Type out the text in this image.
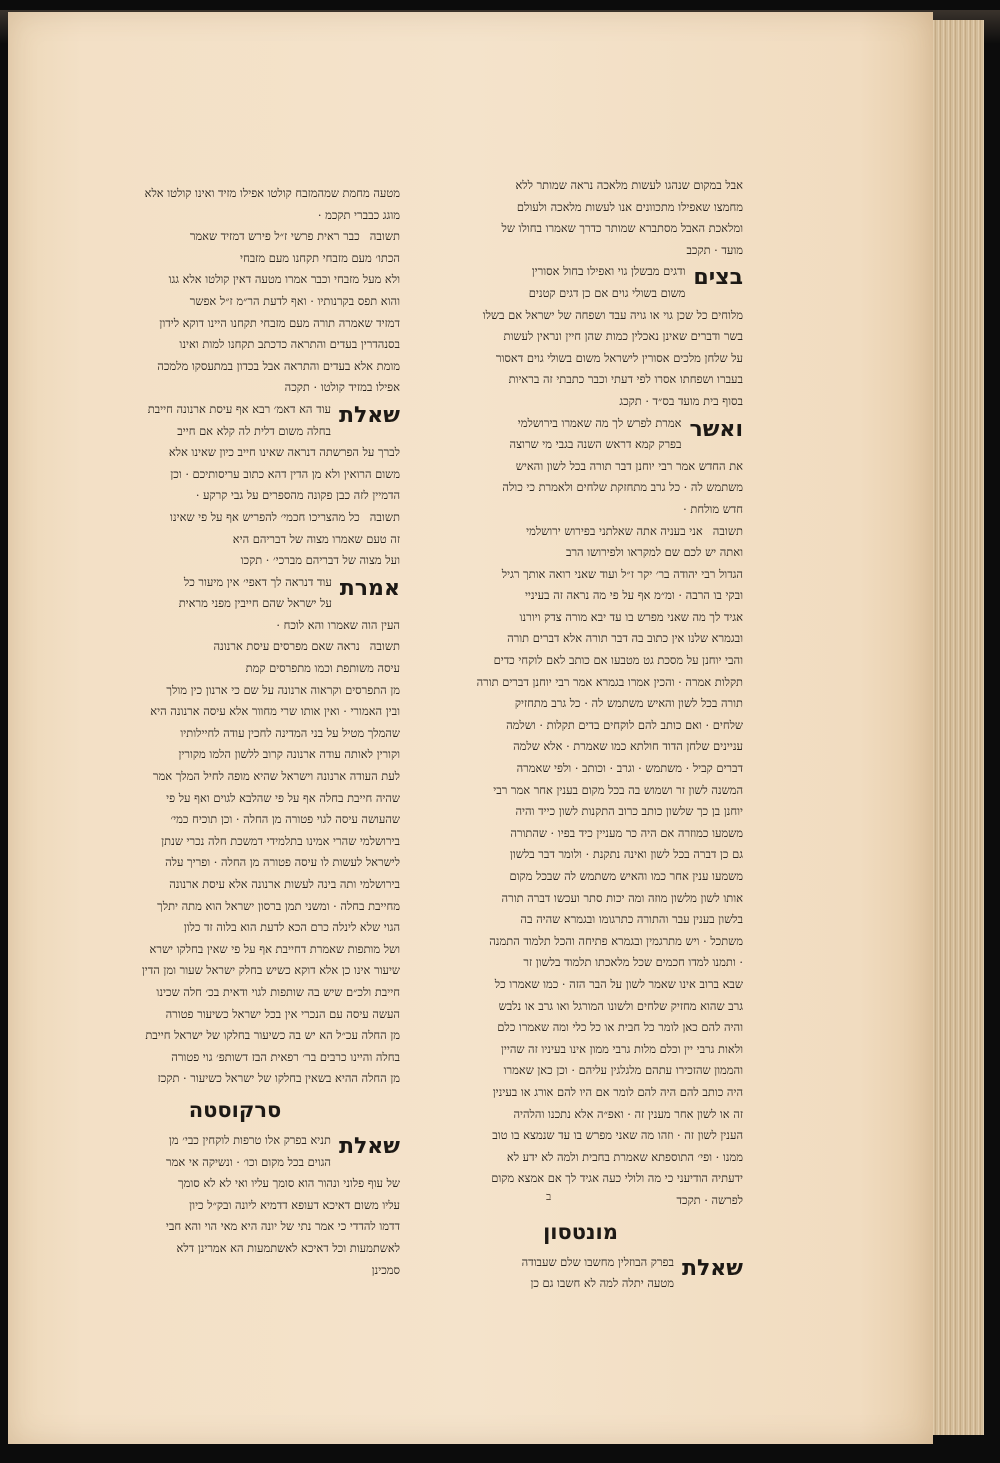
אבל במקום שנהגו לעשות מלאכה נראה שמותר ללא
מחמצו שאפילו מתכוונים אנו לעשות מלאכה ולעולם
ומלאכת האבל מסתברא שמותר כדרך שאמרו בחולו של
מועד · תקכב
בצים
ודגים מבשלן גוי ואפילו בחול אסורין
משום בשולי גוים אם כן דגים קטנים
מלוחים כל שכן גוי או גויה עבד ושפחה של ישראל אם בשלו
בשר ודברים שאינן נאכלין כמות שהן חיין ונראין לעשות
על שלחן מלכים אסורין לישראל משום בשולי גוים דאסור
בעברו ושפחתו אסרו לפי דעתי וכבר כתבתי זה בראיות
בסוף בית מועד בס״ד · תקכג
ואשר
אמרת לפרש לך מה שאמרו בירושלמי
בפרק קמא דראש השנה בגבי מי שרוצה
את החדש אמר רבי יוחנן דבר תורה בכל לשון והאיש
משתמש לה · כל גרב מתחזקת שלחים ולאמרת כי כולה
חדש מולחת ·
תשובה
אני בעניה אתה שאלתני בפירוש ירושלמי
ואתה יש לכם שם למקראו ולפירושו הרב
הגדול רבי יהודה בר׳ יקר ז״ל ועוד שאני רואה אותך רגיל
ובקי בו הרבה · ומ״מ אף על פי מה נראה זה בעיניי
אגיד לך מה שאני מפרש בו עד יבא מורה צדק ויורנו
ובגמרא שלנו אין כתוב בה דבר תורה אלא דברים תורה
והבי יוחנן על מסכת גט מטבעו אם כותב לאם לוקחי כדים
תקלות אמרה · והכין אמרו בגמרא אמר רבי יוחנן דברים תורה
תורה בכל לשון והאיש משתמש לה · כל גרב מתחזיק
שלחים · ואם כותב להם לוקחים בדים תקלות · ושלמה
עניינים שלחן הדוד חולתא כמו שאמרת · אלא שלמה
דברים קביל · משתמש · וגרב · וכותב · ולפי שאמרה
המשנה לשון זר ושמוש בה בכל מקום בענין אחר אמר רבי
יוחנן בן כך שלשון כותב כרוב התקנות לשון כייד והיה
משמעו כמוזרה אם היה כר מעניין כיד בפיו · שהתורה
גם כן דברה בכל לשון ואינה נתקנת · ולומר דבר בלשון
משמעו ענין אחר כמו והאיש משתמש לה שבכל מקום
אותו לשון מלשון מוזה ומה יכות סתר ועכשו דברה תורה
בלשון בענין עבר והתורה כתרגומו ובגמרא שהיה בה
משתכל · ויש מתרגמין ובגמרא פתיחה והכל תלמוד התמנה
· ותמנו למדו חכמים שכל מלאכתו תלמוד בלשון זר
שבא ברוב אינו שאמר לשון על הבר הזה · כמו שאמרו כל
גרב שהוא מחזיק שלחים ולשונו המורגל ואו גרב או נלבש
והיה להם כאן לומר כל חבית או כל כלי ומה שאמרו כלם
ולאות גרבי יין וכלם מלות גרבי ממון אינו בעיניו זה שהיין
והממון שהזכירו עתהם מלגלגין עליהם · וכן כאן שאמרו
היה כותב להם היה להם לומר אם היו להם אורג או בעינין
זה או לשון אחר מענין זה · ואפ״ה אלא נתכנו והלהיה
הענין לשון זה · וזהו מה שאני מפרש בו עד שנמצא בו טוב
ממנו · ופי׳ התוספתא שאמרת בחבית ולמה לא ידע לא
ידעתיה הודיעני כי מה ולולי כעה אגיד לך אם אמצא מקום
לפרשה · תקכד
מונטסון
שאלת
בפרק הבוזלין מחשבו שלם שעבודה
מטעה יתלה למה לא חשבו גם כן
מטעה מחמת שמהמזבח קולטו אפילו מזיד ואינו קולטו אלא
מוגג כבברי תקכמ ·
תשובה
כבר ראית פרשי ז״ל פירש דמזיד שאמר
הכתו׳ מעם מזבחי תקחנו מעם מזבחי
ולא מעל מזבחי וכבר אמרו מטעה דאין קולטו אלא גגו
והוא תפס בקרנותיו · ואף לדעת הר״מ ז״ל אפשר
דמזיד שאמרה תורה מעם מזבחי תקחנו היינו דוקא לידון
בסנהדרין בעדים והתראה כדכתב תקחנו למות ואינו
מומת אלא בעדים והתראה אבל בכדון במתעסקו מלמכה
אפילו במזיד קולטו · תקכה
שאלת
עוד הא דאמ׳ רבא אף עיסת ארנונה חייבת
בחלה משום דלית לה קלא אם חייב
לברך על הפרשתה דנראה שאינו חייב כיון שאינו אלא
משום הרואין ולא מן הדין דהא כתוב עריסותיכם · וכן
הדמיין לזה כבן פקונה מהספרים על גבי קרקע ·
תשובה
כל מהצריכו חכמי׳ להפריש אף על פי שאינו
זה טעם שאמרו מצוה של דבריהם היא
ועל מצוה של דבריהם מברכי׳ · תקכו
אמרת
עוד דנראה לך דאפי׳ אין מיעור כל
על ישראל שהם חייבין מפני מראית
העין הוה שאמרו והא לוכח ·
תשובה
נראה שאם מפרסים עיסת ארנונה
עיסה משותפת וכמו מתפרסים קמת
מן התפרסים וקראוה ארנונה על שם כי ארנון כין מולך
ובין האמורי · ואין אותו שרי מחוור אלא עיסה ארנונה היא
שהמלך מטיל על בני המדינה לחכין עודה לחיילותיו
וקורין לאותה עודה ארנונה קרוב ללשון הלמו מקורין
לעת העודה ארנונה וישראל שהיא מופה לחיל המלך אמר
שהיה חייבת בחלה אף על פי שהלבא לגוים ואף על פי
שהעושה עיסה לגוי פטורה מן החלה · וכן תוכיח כמי׳
בירושלמי שהרי אמינו בתלמידי דמשכת חלה נכרי שנתן
לישראל לעשות לו עיסה פטורה מן החלה · ופריך עלה
בירושלמי ותה בינה לעשות ארנונה אלא עיסת ארנונה
מחייבת בחלה · ומשני תמן ברסון ישראל הוא מתה יתלך
הגוי שלא לינלה כרם הכא לדעת הוא בלוה זד כלון
ושל מותפות שאמרת דחייבת אף על פי שאין בחלקו ישרא
שיעור אינו כן אלא דוקא כשיש בחלק ישראל שעור ומן הדין
חייבת ולכ״ם שיש בה שותפות לגוי ודאית בכ׳ חלה שכינו
העשה עיסה עם הנכרי אין בכל ישראל כשיעור פטורה
מן החלה עכ״ל הא יש בה כשיעור בחלקו של ישראל חייבת
בחלה והיינו כרבים בר׳ רפאית הבז דשותפ׳ גוי פטורה
מן החלה ההיא בשאין בחלקו של ישראל כשיעור · תקכז
סרקוסטה
שאלת
תניא בפרק אלו טרפות לוקחין כבי׳ מן
הגוים בכל מקום וכו׳ · ונשיקה אי אמר
של עוף פלוני ונהור הוא סומך עליו ואי לא לא סומך
עליו משום דאיכא דעופא דדמיא ליונה ובק״ל כיון
דדמו להדדי כי אמר נתי של יונה היא מאי הוי והא חבי
לאשתמעות וכל דאיכא לאשתמעות הא אמרינן דלא
סמכינן
ב
